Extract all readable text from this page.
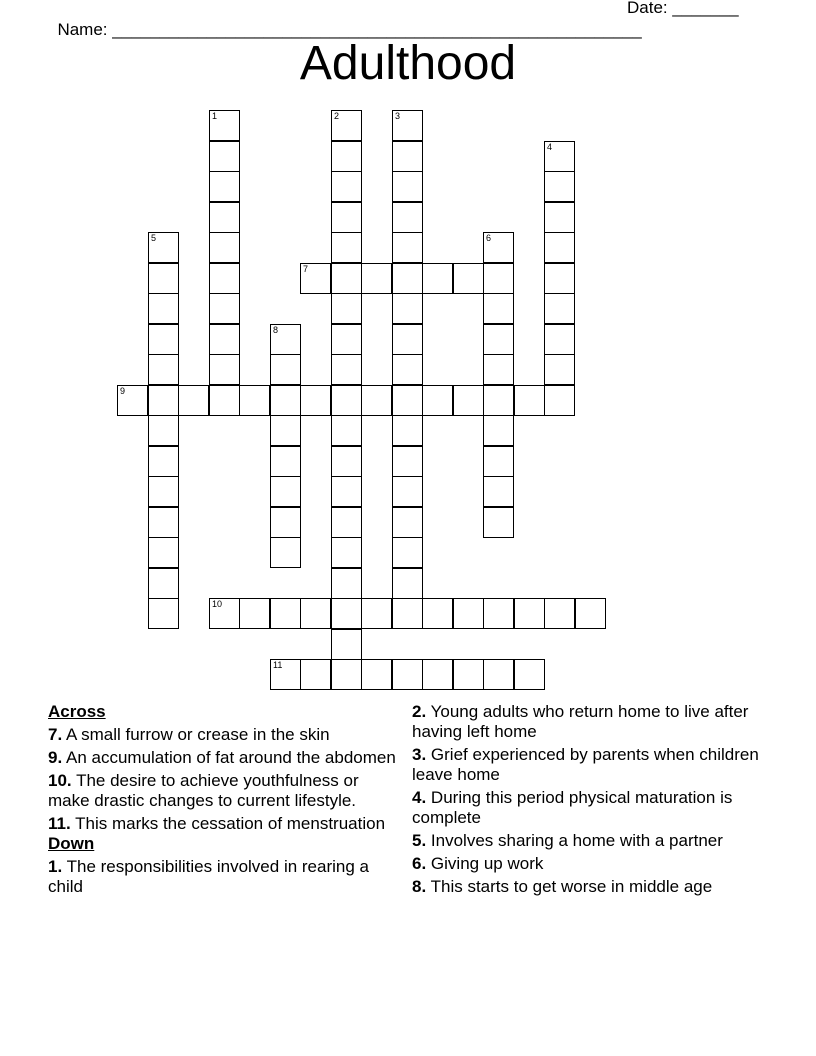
Name: ________________________________________________________

Date: _______

Adulthood
1	2	3
4
5	6
7
8
9
10
11
Across
7. A small furrow or crease in the skin
9. An accumulation of fat around the abdomen
10. The desire to achieve youthfulness or make drastic changes to current lifestyle.
11. This marks the cessation of menstruation
Down
1. The responsibilities involved in rearing a child
2. Young adults who return home to live after having left home
3. Grief experienced by parents when children leave home
4. During this period physical maturation is complete
5. Involves sharing a home with a partner
6. Giving up work
8. This starts to get worse in middle age
